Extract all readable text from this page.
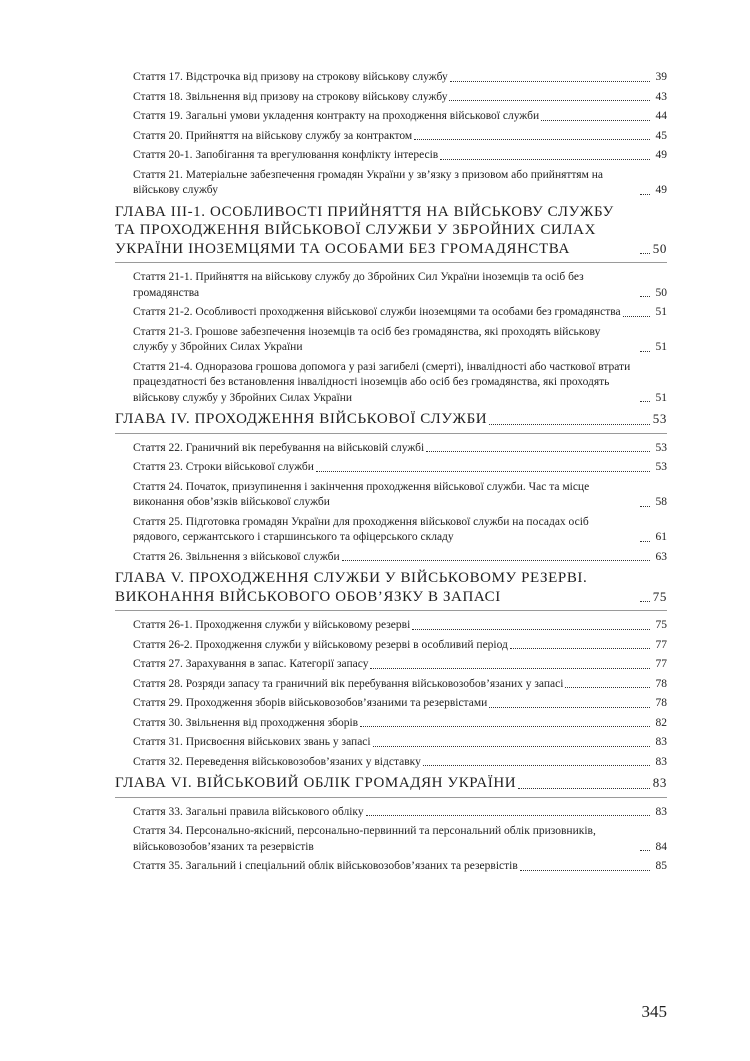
Стаття 17. Відстрочка від призову на строкову військову службу	39
Стаття 18. Звільнення від призову на строкову військову службу	43
Стаття 19. Загальні умови укладення контракту на проходження військової служби	44
Стаття 20. Прийняття на військову службу за контрактом	45
Стаття 20-1. Запобігання та врегулювання конфлікту інтересів	49
Стаття 21. Матеріальне забезпечення громадян України у зв’язку з призовом або прийняттям на військову службу	49
ГЛАВА ІІІ-1. ОСОБЛИВОСТІ ПРИЙНЯТТЯ НА ВІЙСЬКОВУ СЛУЖБУ ТА ПРОХОДЖЕННЯ ВІЙСЬКОВОЇ СЛУЖБИ У ЗБРОЙНИХ СИЛАХ УКРАЇНИ ІНОЗЕМЦЯМИ ТА ОСОБАМИ БЕЗ ГРОМАДЯНСТВА	50
Стаття 21-1. Прийняття на військову службу до Збройних Сил України іноземців та осіб без громадянства	50
Стаття 21-2. Особливості проходження військової служби іноземцями та особами без громадянства	51
Стаття 21-3. Грошове забезпечення іноземців та осіб без громадянства, які проходять військову службу у Збройних Силах України	51
Стаття 21-4. Одноразова грошова допомога у разі загибелі (смерті), інвалідності або часткової втрати працездатності без встановлення інвалідності іноземців або осіб без громадянства, які проходять військову службу у Збройних Силах України	51
ГЛАВА ІV. ПРОХОДЖЕННЯ ВІЙСЬКОВОЇ СЛУЖБИ	53
Стаття 22. Граничний вік перебування на військовій службі	53
Стаття 23. Строки військової служби	53
Стаття 24. Початок, призупинення і закінчення проходження військової служби. Час та місце виконання обов’язків військової служби	58
Стаття 25. Підготовка громадян України для проходження військової служби на посадах осіб рядового, сержантського і старшинського та офіцерського складу	61
Стаття 26. Звільнення з військової служби	63
ГЛАВА V. ПРОХОДЖЕННЯ СЛУЖБИ У ВІЙСЬКОВОМУ РЕЗЕРВІ. ВИКОНАННЯ ВІЙСЬКОВОГО ОБОВ’ЯЗКУ В ЗАПАСІ	75
Стаття 26-1. Проходження служби у військовому резерві	75
Стаття 26-2. Проходження служби у військовому резерві в особливий період	77
Стаття 27. Зарахування в запас. Категорії запасу	77
Стаття 28. Розряди запасу та граничний вік перебування військовозобов’язаних у запасі	78
Стаття 29. Проходження зборів військовозобов’язаними та резервістами	78
Стаття 30. Звільнення від проходження зборів	82
Стаття 31. Присвоєння військових звань у запасі	83
Стаття 32. Переведення військовозобов’язаних у відставку	83
ГЛАВА VІ. ВІЙСЬКОВИЙ ОБЛІК ГРОМАДЯН УКРАЇНИ	83
Стаття 33. Загальні правила військового обліку	83
Стаття 34. Персонально-якісний, персонально-первинний та персональний облік призовників, військовозобов’язаних та резервістів	84
Стаття 35. Загальний і спеціальний облік військовозобов’язаних та резервістів	85
345
